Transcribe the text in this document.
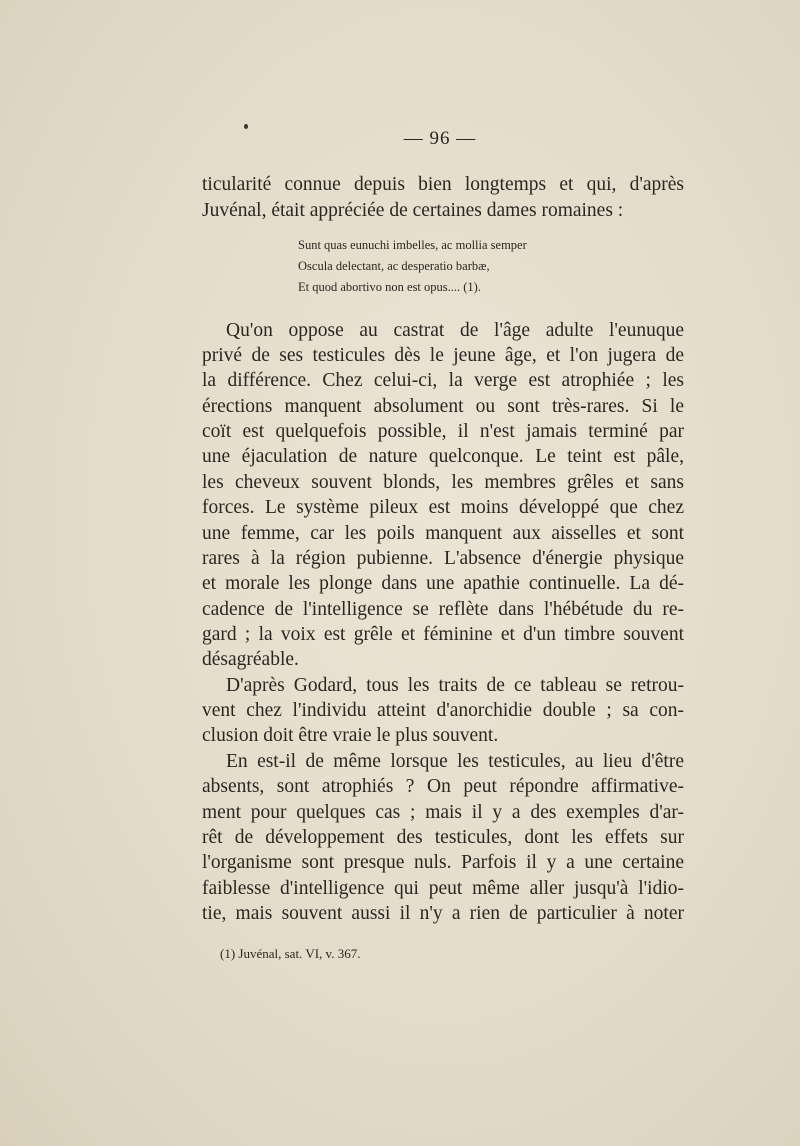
— 96 —
ticularité connue depuis bien longtemps et qui, d'après
Juvénal, était appréciée de certaines dames romaines :
Sunt quas eunuchi imbelles, ac mollia semper
Oscula delectant, ac desperatio barbæ,
Et quod abortivo non est opus.... (1).
Qu'on oppose au castrat de l'âge adulte l'eunuque
privé de ses testicules dès le jeune âge, et l'on jugera de
la différence. Chez celui-ci, la verge est atrophiée ; les
érections manquent absolument ou sont très-rares. Si le
coït est quelquefois possible, il n'est jamais terminé par
une éjaculation de nature quelconque. Le teint est pâle,
les cheveux souvent blonds, les membres grêles et sans
forces. Le système pileux est moins développé que chez
une femme, car les poils manquent aux aisselles et sont
rares à la région pubienne. L'absence d'énergie physique
et morale les plonge dans une apathie continuelle. La dé-
cadence de l'intelligence se reflète dans l'hébétude du re-
gard ; la voix est grêle et féminine et d'un timbre souvent
désagréable.
D'après Godard, tous les traits de ce tableau se retrou-
vent chez l'individu atteint d'anorchidie double ; sa con-
clusion doit être vraie le plus souvent.
En est-il de même lorsque les testicules, au lieu d'être
absents, sont atrophiés ? On peut répondre affirmative-
ment pour quelques cas ; mais il y a des exemples d'ar-
rêt de développement des testicules, dont les effets sur
l'organisme sont presque nuls. Parfois il y a une certaine
faiblesse d'intelligence qui peut même aller jusqu'à l'idio-
tie, mais souvent aussi il n'y a rien de particulier à noter
(1) Juvénal, sat. VI, v. 367.
